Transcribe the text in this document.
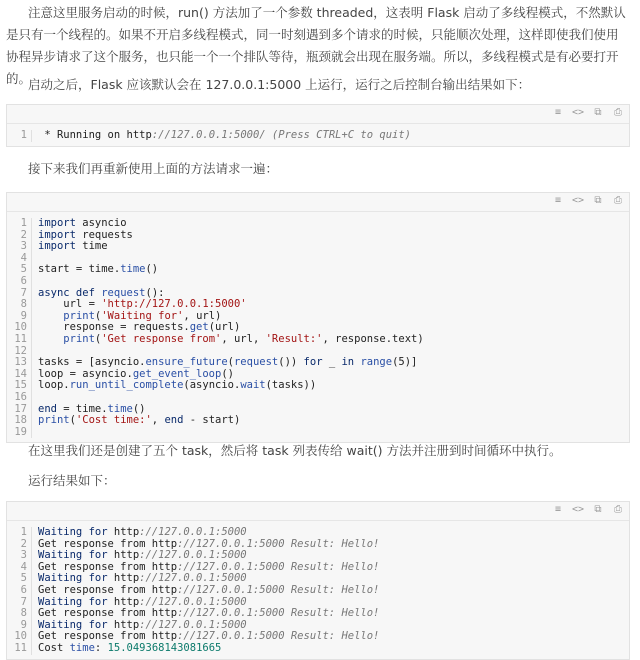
注意这里服务启动的时候，run() 方法加了一个参数 threaded，这表明 Flask 启动了多线程模式，不然默认是只有一个线程的。如果不开启多线程模式，同一时刻遇到多个请求的时候，只能顺次处理，这样即使我们使用协程异步请求了这个服务，也只能一个一个排队等待，瓶颈就会出现在服务端。所以，多线程模式是有必要打开的。

启动之后，Flask 应该默认会在 127.0.0.1:5000 上运行，运行之后控制台输出结果如下：

≡	<>	⧉	⎙
1 * Running on http://127.0.0.1:5000/ (Press CTRL+C to quit)

接下来我们再重新使用上面的方法请求一遍：

≡	<>	⧉	⎙
1
2
3
4
5
6
7
8
9
10
11
12
13
14
15
16
17
18
19
import asyncio
import requests
import time
start = time.time()
async def request():
url = 'http://127.0.0.1:5000'
print('Waiting for', url)
response = requests.get(url)
print('Get response from', url, 'Result:', response.text)
tasks = [asyncio.ensure_future(request()) for _ in range(5)]
loop = asyncio.get_event_loop()
loop.run_until_complete(asyncio.wait(tasks))
end = time.time()
print('Cost time:', end - start)

在这里我们还是创建了五个 task，然后将 task 列表传给 wait() 方法并注册到时间循环中执行。

运行结果如下：

≡	<>	⧉	⎙
1
2
3
4
5
6
7
8
9
10
11
Waiting for http://127.0.0.1:5000
Get response from http://127.0.0.1:5000 Result: Hello!
Waiting for http://127.0.0.1:5000
Get response from http://127.0.0.1:5000 Result: Hello!
Waiting for http://127.0.0.1:5000
Get response from http://127.0.0.1:5000 Result: Hello!
Waiting for http://127.0.0.1:5000
Get response from http://127.0.0.1:5000 Result: Hello!
Waiting for http://127.0.0.1:5000
Get response from http://127.0.0.1:5000 Result: Hello!
Cost time: 15.049368143081665
